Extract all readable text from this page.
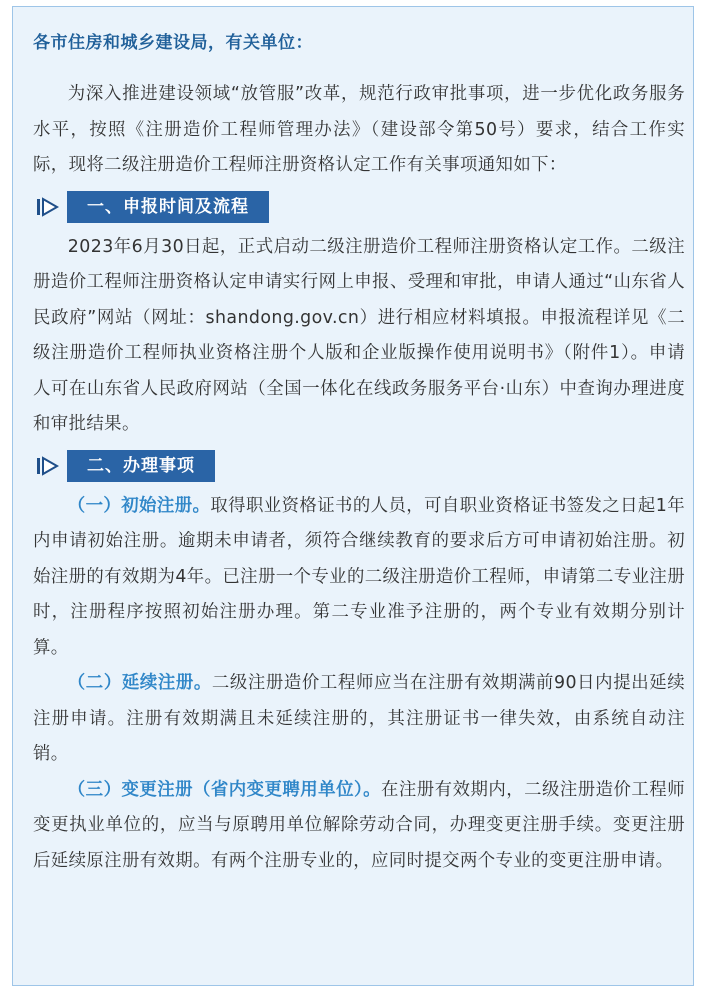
各市住房和城乡建设局，有关单位：

为深入推进建设领域“放管服”改革，规范行政审批事项，进一步优化政务服务水平，按照《注册造价工程师管理办法》（建设部令第50号）要求，结合工作实际，现将二级注册造价工程师注册资格认定工作有关事项通知如下：

一、申报时间及流程

2023年6月30日起，正式启动二级注册造价工程师注册资格认定工作。二级注册造价工程师注册资格认定申请实行网上申报、受理和审批，申请人通过“山东省人民政府”网站（网址：shandong.gov.cn）进行相应材料填报。申报流程详见《二级注册造价工程师执业资格注册个人版和企业版操作使用说明书》（附件1）。申请人可在山东省人民政府网站（全国一体化在线政务服务平台·山东）中查询办理进度和审批结果。

二、办理事项

（一）初始注册。取得职业资格证书的人员，可自职业资格证书签发之日起1年内申请初始注册。逾期未申请者，须符合继续教育的要求后方可申请初始注册。初始注册的有效期为4年。已注册一个专业的二级注册造价工程师，申请第二专业注册时，注册程序按照初始注册办理。第二专业准予注册的，两个专业有效期分别计算。

（二）延续注册。二级注册造价工程师应当在注册有效期满前90日内提出延续注册申请。注册有效期满且未延续注册的，其注册证书一律失效，由系统自动注销。

（三）变更注册（省内变更聘用单位）。在注册有效期内，二级注册造价工程师变更执业单位的，应当与原聘用单位解除劳动合同，办理变更注册手续。变更注册后延续原注册有效期。有两个注册专业的，应同时提交两个专业的变更注册申请。
